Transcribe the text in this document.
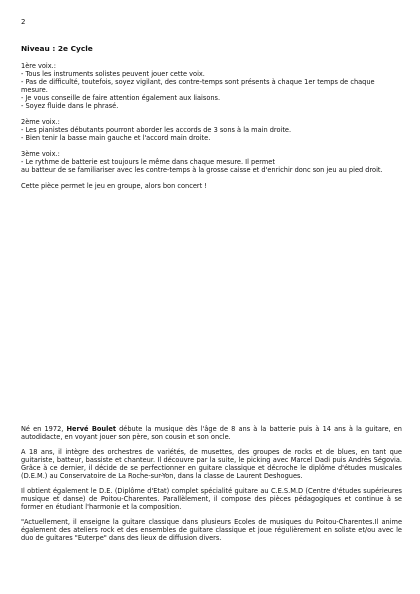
2
Niveau : 2e Cycle
1ère voix.:
- Tous les instruments solistes peuvent jouer cette voix.
- Pas de difficulté, toutefois, soyez vigilant, des contre-temps sont présents à chaque 1er temps de chaque
mesure.
- Je vous conseille de faire attention également aux liaisons.
- Soyez fluide dans le phrasé.
2ème voix.:
- Les pianistes débutants pourront aborder les accords de 3 sons à la main droite.
- Bien tenir la basse main gauche et l'accord main droite.
3ème voix.:
- Le rythme de batterie est toujours le même dans chaque mesure. Il permet
au batteur de se familiariser avec les contre-temps à la grosse caisse et d'enrichir donc son jeu au pied droit.
Cette pièce permet le jeu en groupe, alors bon concert !

Né en 1972, Hervé Boulet débute la musique dès l'âge de 8 ans à la batterie puis à 14 ans à la guitare, en autodidacte, en voyant jouer son père, son cousin et son oncle.

A 18 ans, il intègre des orchestres de variétés, de musettes, des groupes de rocks et de blues, en tant que guitariste, batteur, bassiste et chanteur. Il découvre par la suite, le picking avec Marcel Dadi puis Andrès Ségovia. Grâce à ce dernier, il décide de se perfectionner en guitare classique et décroche le diplôme d'études musicales (D.E.M.) au Conservatoire de La Roche-sur-Yon, dans la classe de Laurent Deshogues.

Il obtient également le D.E. (Diplôme d'Etat) complet spécialité guitare au C.E.S.M.D (Centre d'études supérieures musique et danse) de Poitou-Charentes. Parallèlement, il compose des pièces pédagogiques et continue à se former en étudiant l'harmonie et la composition.

"Actuellement, il enseigne la guitare classique dans plusieurs Ecoles de musiques du Poitou-Charentes.Il anime également des ateliers rock et des ensembles de guitare classique et joue régulièrement en soliste et/ou avec le duo de guitares "Euterpe" dans des lieux de diffusion divers.
